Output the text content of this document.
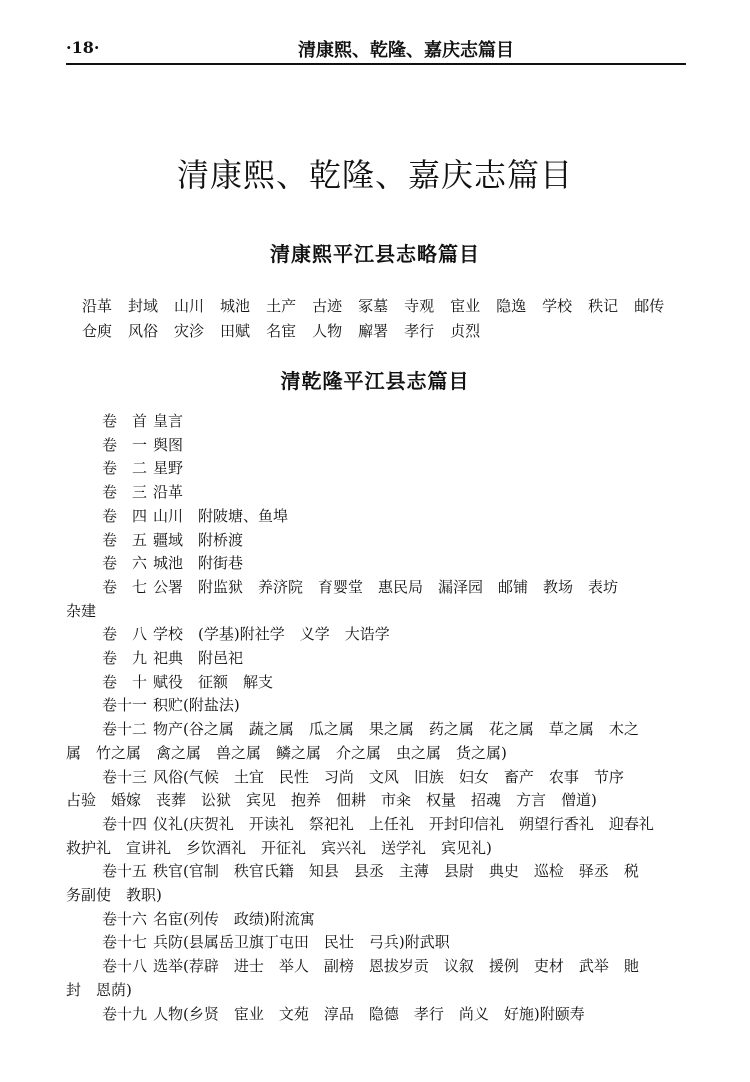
·18·	清康熙、乾隆、嘉庆志篇目
清康熙、乾隆、嘉庆志篇目
清康熙平江县志略篇目
沿革 封域 山川 城池 土产 古迹 冢墓 寺观 宦业 隐逸 学校 秩记 邮传仓庾 风俗 灾沴 田赋 名宦 人物 廨署 孝行 贞烈
清乾隆平江县志篇目
卷　首 皇言
卷　一 舆图
卷　二 星野
卷　三 沿革
卷　四 山川　附陂塘、鱼埠
卷　五 疆域　附桥渡
卷　六 城池　附街巷
卷　七 公署　附监狱　养济院　育婴堂　惠民局　漏泽园　邮铺　教场　表坊
杂建
卷　八 学校　(学基)附社学　义学　大诰学
卷　九 祀典　附邑祀
卷　十 赋役　征额　解支
卷十一 积贮(附盐法)
卷十二 物产(谷之属　蔬之属　瓜之属　果之属　药之属　花之属　草之属　木之
属　竹之属　禽之属　兽之属　鳞之属　介之属　虫之属　货之属)
卷十三 风俗(气候　土宜　民性　习尚　文风　旧族　妇女　畜产　农事　节序
占验　婚嫁　丧葬　讼狱　宾见　抱养　佃耕　市籴　权量　招魂　方言　僧道)
卷十四 仪礼(庆贺礼　开读礼　祭祀礼　上任礼　开封印信礼　朔望行香礼　迎春礼
救护礼　宣讲礼　乡饮酒礼　开征礼　宾兴礼　送学礼　宾见礼)
卷十五 秩官(官制　秩官氏籍　知县　县丞　主薄　县尉　典史　巡检　驿丞　税
务副使　教职)
卷十六 名宦(列传　政绩)附流寓
卷十七 兵防(县属岳卫旗丁屯田　民壮　弓兵)附武职
卷十八 选举(荐辟　进士　举人　副榜　恩拔岁贡　议叙　援例　吏材　武举　貤
封　恩荫)
卷十九 人物(乡贤　宦业　文苑　淳品　隐德　孝行　尚义　好施)附颐寿
